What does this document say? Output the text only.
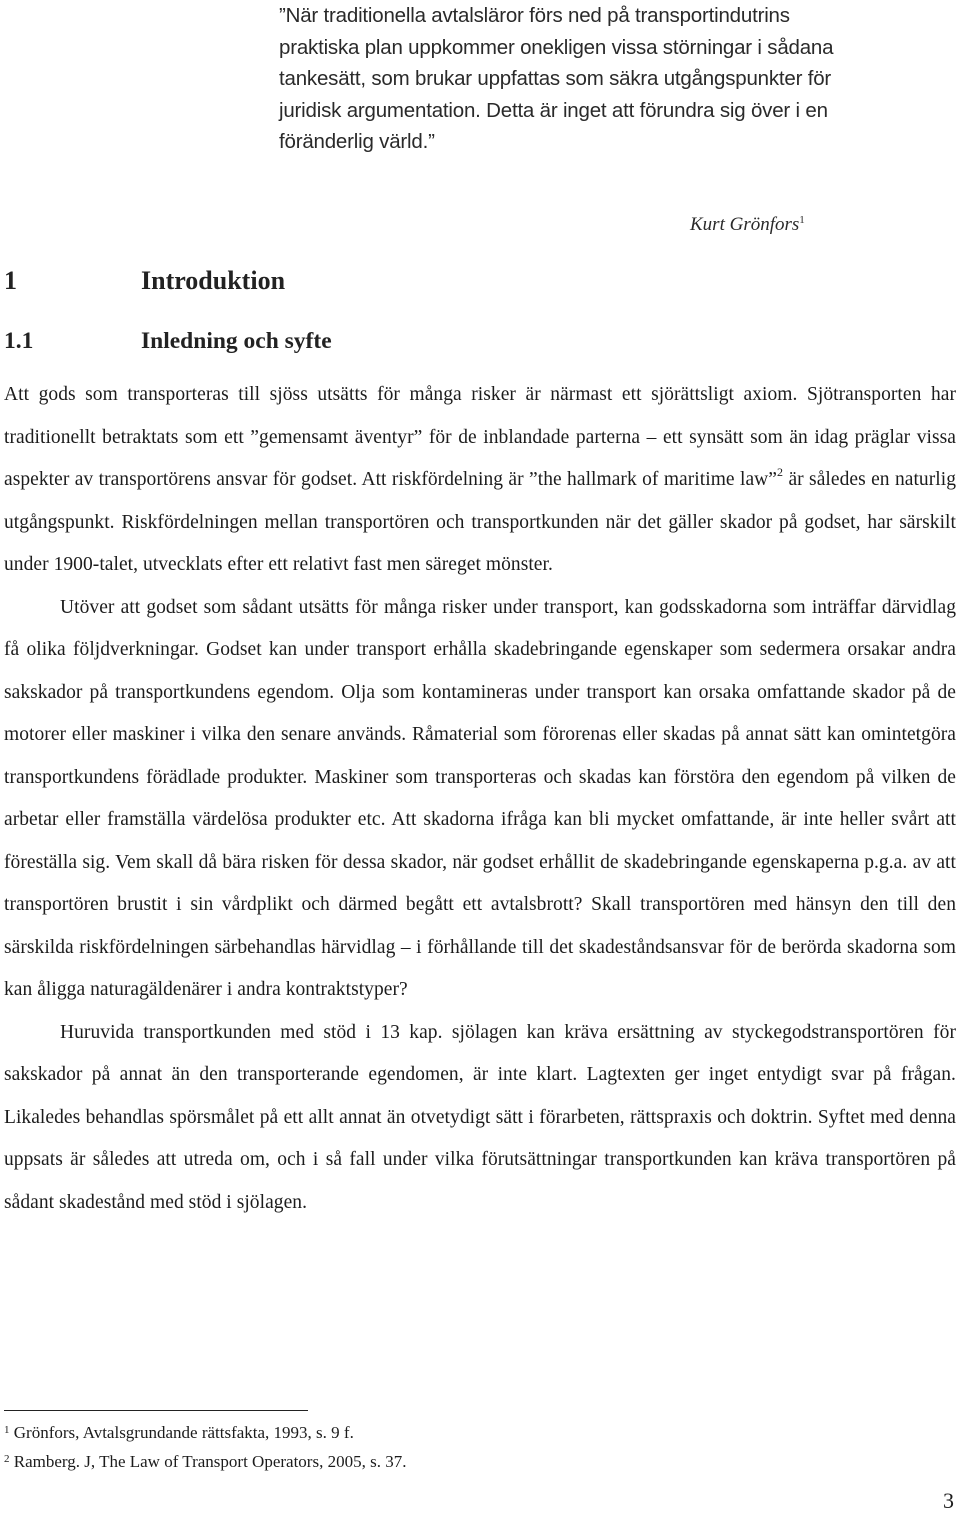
”När traditionella avtalsläror förs ned på transportindutrins
praktiska plan uppkommer onekligen vissa störningar i sådana
tankesätt, som brukar uppfattas som säkra utgångspunkter för
juridisk argumentation. Detta är inget att förundra sig över i en
föränderlig värld.”
Kurt Grönfors$^1$
1	Introduktion
1.1	Inledning och syfte

Att gods som transporteras till sjöss utsätts för många risker är närmast ett sjörättsligt axiom. Sjötransporten har traditionellt betraktats som ett ”gemensamt äventyr” för de inblandade parterna – ett synsätt som än idag präglar vissa aspekter av transportörens ansvar för godset. Att riskfördelning är ”the hallmark of maritime law”$^2$ är således en naturlig utgångspunkt. Riskfördelningen mellan transportören och transportkunden när det gäller skador på godset, har särskilt under 1900-talet, utvecklats efter ett relativt fast men säreget mönster.

Utöver att godset som sådant utsätts för många risker under transport, kan godsskadorna som inträffar därvidlag få olika följdverkningar. Godset kan under transport erhålla skadebringande egenskaper som sedermera orsakar andra sakskador på transportkundens egendom. Olja som kontamineras under transport kan orsaka omfattande skador på de motorer eller maskiner i vilka den senare används. Råmaterial som förorenas eller skadas på annat sätt kan omintetgöra transportkundens förädlade produkter. Maskiner som transporteras och skadas kan förstöra den egendom på vilken de arbetar eller framställa värdelösa produkter etc. Att skadorna ifråga kan bli mycket omfattande, är inte heller svårt att föreställa sig. Vem skall då bära risken för dessa skador, när godset erhållit de skadebringande egenskaperna p.g.a. av att transportören brustit i sin vårdplikt och därmed begått ett avtalsbrott? Skall transportören med hänsyn den till den särskilda riskfördelningen särbehandlas härvidlag – i förhållande till det skadeståndsansvar för de berörda skadorna som kan åligga naturagäldenärer i andra kontraktstyper?

Huruvida transportkunden med stöd i 13 kap. sjölagen kan kräva ersättning av styckegodstransportören för sakskador på annat än den transporterande egendomen, är inte klart. Lagtexten ger inget entydigt svar på frågan. Likaledes behandlas spörsmålet på ett allt annat än otvetydigt sätt i förarbeten, rättspraxis och doktrin. Syftet med denna uppsats är således att utreda om, och i så fall under vilka förutsättningar transportkunden kan kräva transportören på sådant skadestånd med stöd i sjölagen.

$^1$ Grönfors, Avtalsgrundande rättsfakta, 1993, s. 9 f.
$^2$ Ramberg. J, The Law of Transport Operators, 2005, s. 37.
3
